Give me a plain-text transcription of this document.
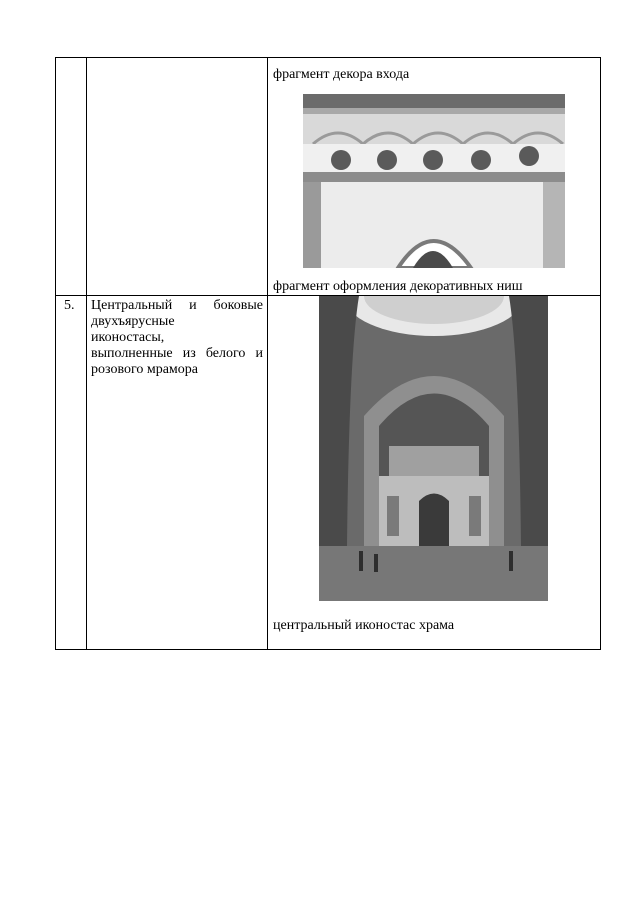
фрагмент декора входа
фрагмент оформления декоративных ниш
5.	Центральный и боковые
двухъярусные
иконостасы,
выполненные из белого и
розового мрамора
центральный иконостас храма
